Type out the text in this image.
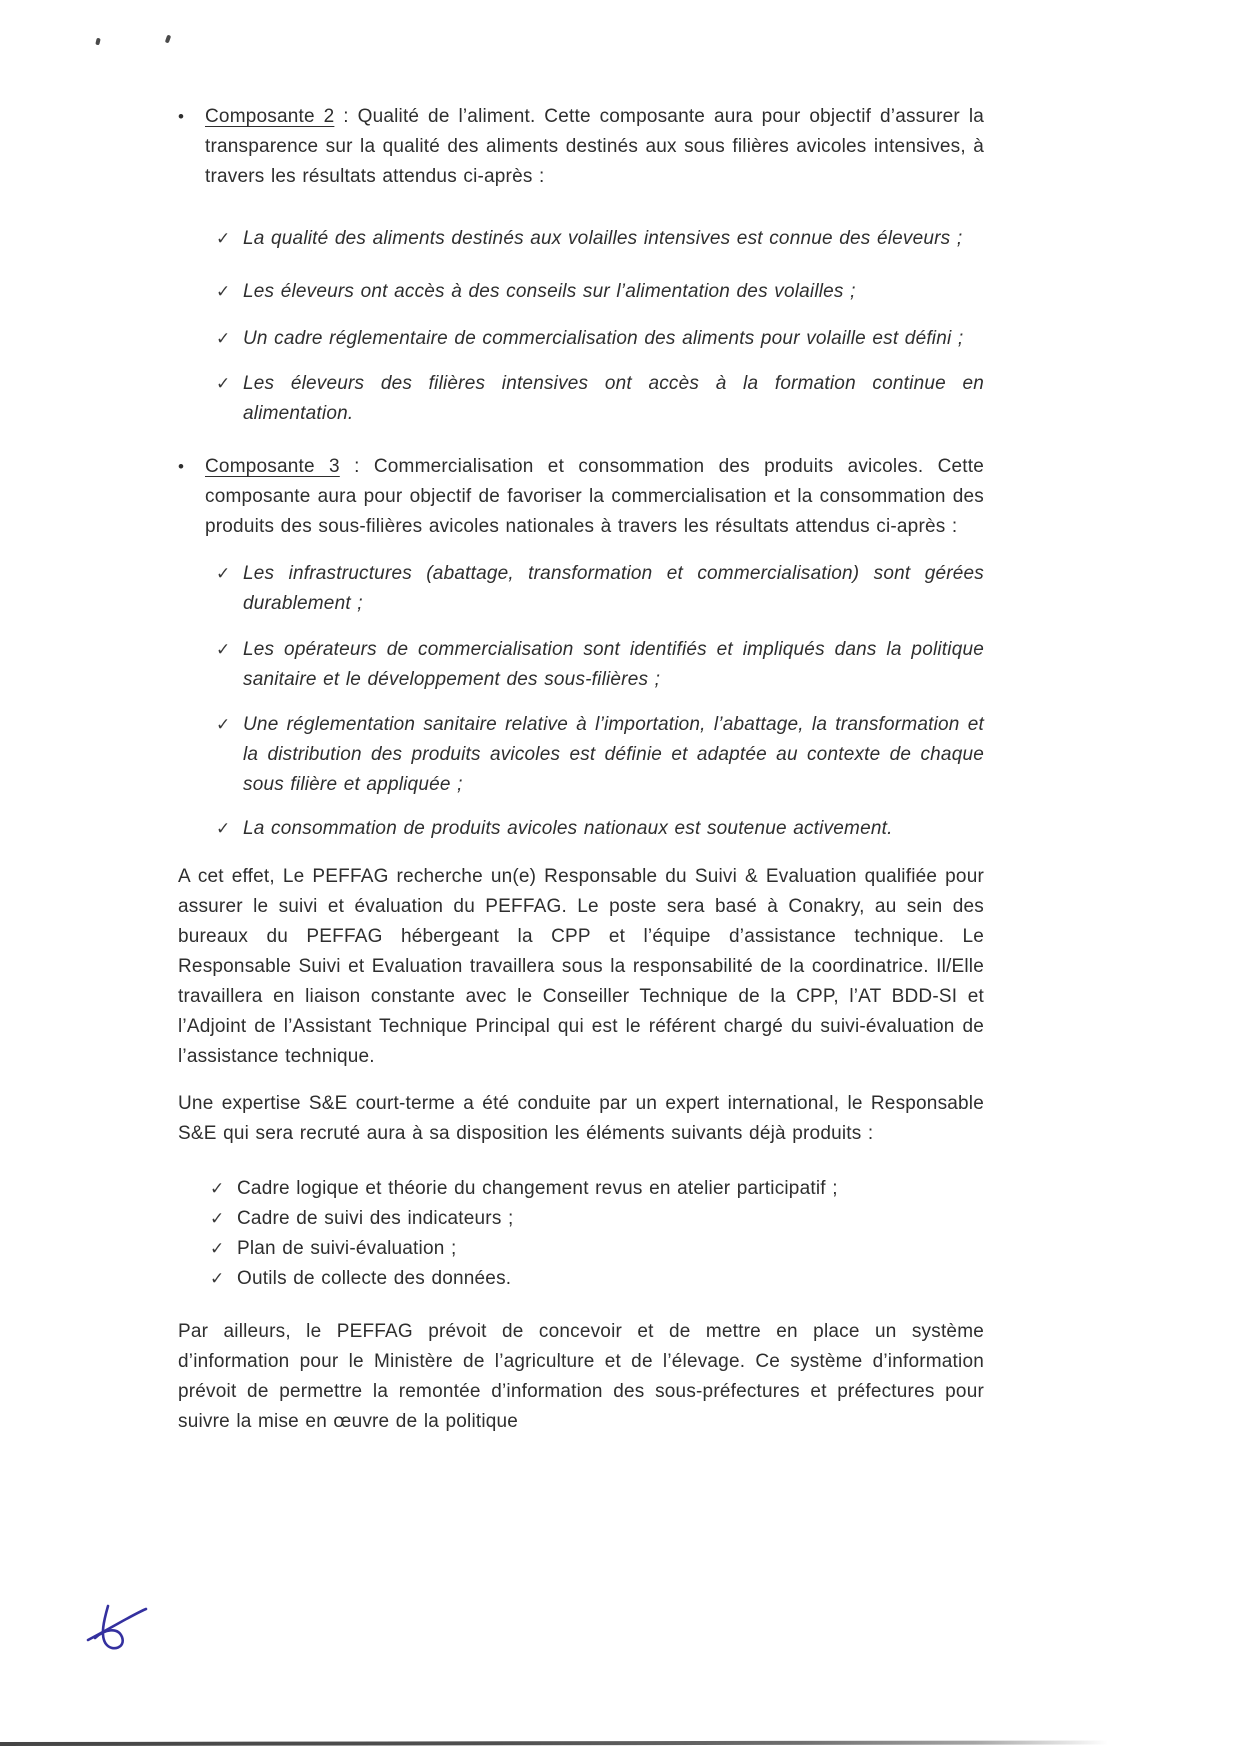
•	Composante 2 : Qualité de l’aliment. Cette composante aura pour objectif d’assurer la transparence sur la qualité des aliments destinés aux sous filières avicoles intensives, à travers les résultats attendus ci-après :

✓ La qualité des aliments destinés aux volailles intensives est connue des éleveurs ;

✓ Les éleveurs ont accès à des conseils sur l’alimentation des volailles ;

✓ Un cadre réglementaire de commercialisation des aliments pour volaille est défini ;

✓ Les éleveurs des filières intensives ont accès à la formation continue en alimentation.

•	Composante 3 : Commercialisation et consommation des produits avicoles. Cette composante aura pour objectif de favoriser la commercialisation et la consommation des produits des sous-filières avicoles nationales à travers les résultats attendus ci-après :

✓ Les infrastructures (abattage, transformation et commercialisation) sont gérées durablement ;

✓ Les opérateurs de commercialisation sont identifiés et impliqués dans la politique sanitaire et le développement des sous-filières ;

✓ Une réglementation sanitaire relative à l’importation, l’abattage, la transformation et la distribution des produits avicoles est définie et adaptée au contexte de chaque sous filière et appliquée ;

✓ La consommation de produits avicoles nationaux est soutenue activement.

A cet effet, Le PEFFAG recherche un(e) Responsable du Suivi & Evaluation qualifiée pour assurer le suivi et évaluation du PEFFAG. Le poste sera basé à Conakry, au sein des bureaux du PEFFAG hébergeant la CPP et l’équipe d’assistance technique. Le Responsable Suivi et Evaluation travaillera sous la responsabilité de la coordinatrice. Il/Elle travaillera en liaison constante avec le Conseiller Technique de la CPP, l’AT BDD-SI et l’Adjoint de l’Assistant Technique Principal qui est le référent chargé du suivi-évaluation de l’assistance technique.

Une expertise S&E court-terme a été conduite par un expert international, le Responsable S&E qui sera recruté aura à sa disposition les éléments suivants déjà produits :

✓ Cadre logique et théorie du changement revus en atelier participatif ;

✓ Cadre de suivi des indicateurs ;

✓ Plan de suivi-évaluation ;

✓ Outils de collecte des données.

Par ailleurs, le PEFFAG prévoit de concevoir et de mettre en place un système d’information pour le Ministère de l’agriculture et de l’élevage. Ce système d’information prévoit de permettre la remontée d’information des sous-préfectures et préfectures pour suivre la mise en œuvre de la politique
